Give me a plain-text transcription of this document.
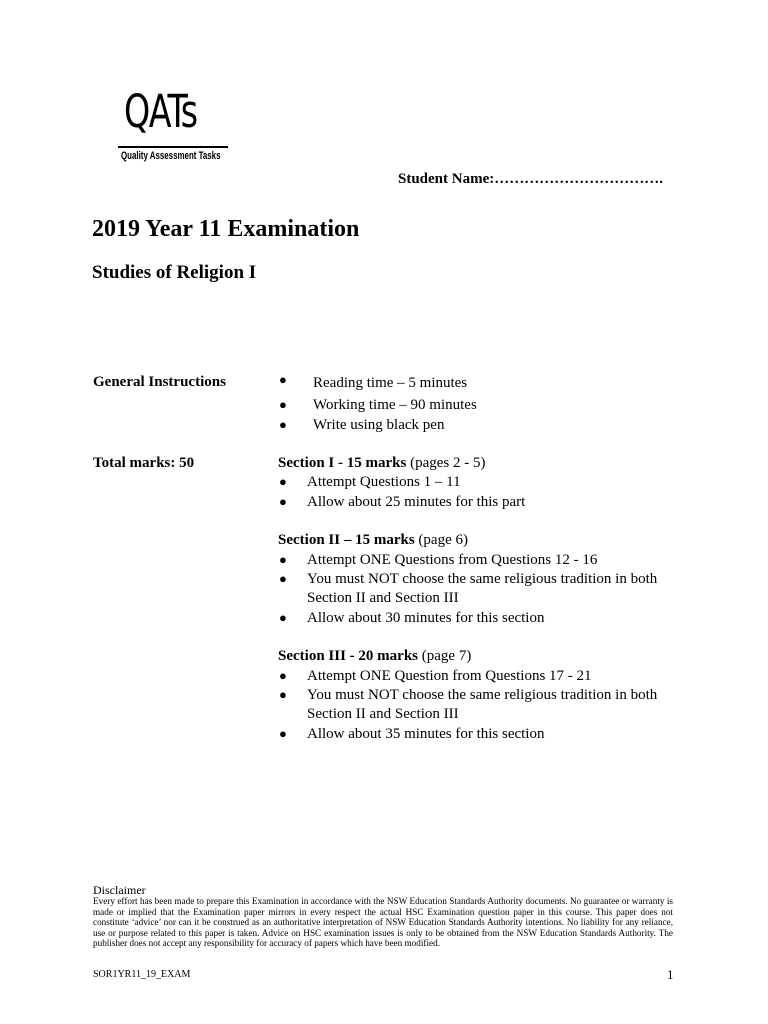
QATs
Quality Assessment Tasks
Student Name:…………………………….
2019 Year 11 Examination
Studies of Religion I
General Instructions	● Reading time – 5 minutes
● Working time – 90 minutes
● Write using black pen
Total marks: 50	Section I - 15 marks (pages 2 - 5)
● Attempt Questions 1 – 11
● Allow about 25 minutes for this part
Section II – 15 marks (page 6)
● Attempt ONE Questions from Questions 12 - 16
● You must NOT choose the same religious tradition in both
Section II and Section III
● Allow about 30 minutes for this section
Section III - 20 marks (page 7)
● Attempt ONE Question from Questions 17 - 21
● You must NOT choose the same religious tradition in both
Section II and Section III
● Allow about 35 minutes for this section
Disclaimer
Every effort has been made to prepare this Examination in accordance with the NSW Education Standards Authority documents. No guarantee or warranty is made or implied that the Examination paper mirrors in every respect the actual HSC Examination question paper in this course. This paper does not constitute ‘advice’ nor can it be construed as an authoritative interpretation of NSW Education Standards Authority intentions. No liability for any reliance, use or purpose related to this paper is taken. Advice on HSC examination issues is only to be obtained from the NSW Education Standards Authority. The publisher does not accept any responsibility for accuracy of papers which have been modified.
SOR1YR11_19_EXAM	1
